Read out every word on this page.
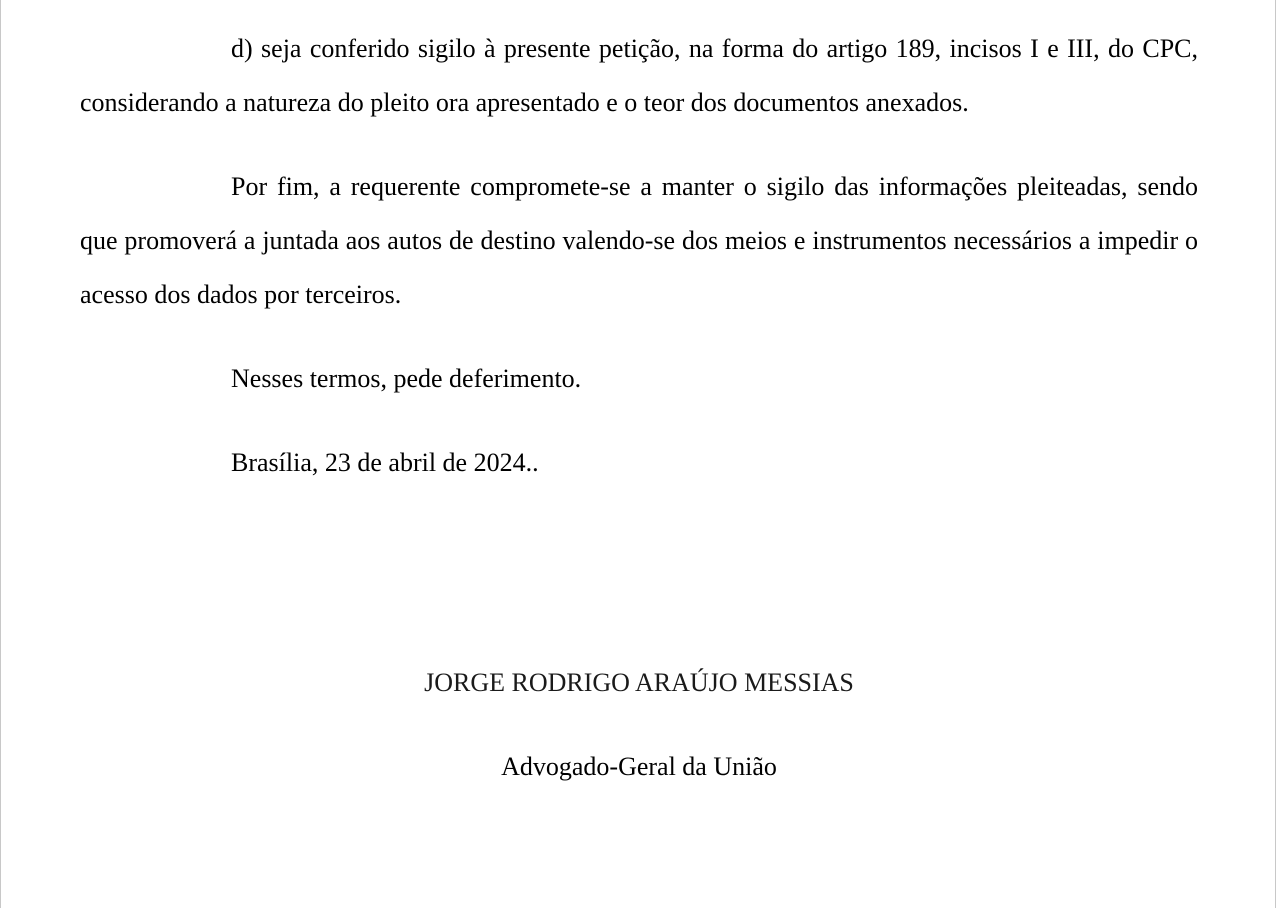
d) seja conferido sigilo à presente petição, na forma do artigo 189, incisos I e III, do CPC, considerando a natureza do pleito ora apresentado e o teor dos documentos anexados.

Por fim, a requerente compromete-se a manter o sigilo das informações pleiteadas, sendo que promoverá a juntada aos autos de destino valendo-se dos meios e instrumentos necessários a impedir o acesso dos dados por terceiros.

Nesses termos, pede deferimento.

Brasília, 23 de abril de 2024..

JORGE RODRIGO ARAÚJO MESSIAS
Advogado-Geral da União
